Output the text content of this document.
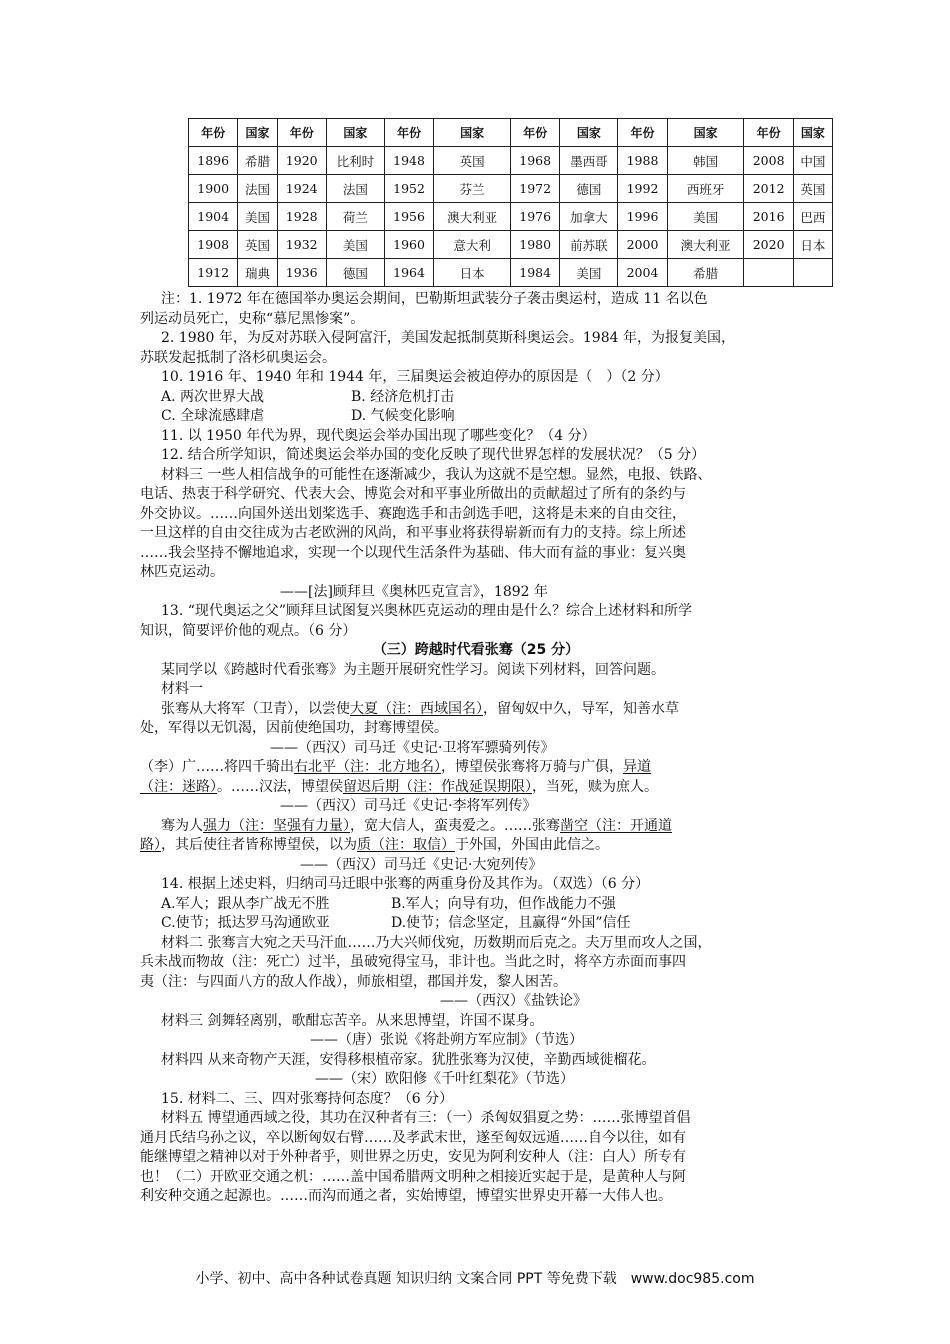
年份	国家	年份	国家	年份	国家	年份	国家	年份	国家	年份	国家
1896	希腊	1920	比利时	1948	英国	1968	墨西哥	1988	韩国	2008	中国
1900	法国	1924	法国	1952	芬兰	1972	德国	1992	西班牙	2012	英国
1904	美国	1928	荷兰	1956	澳大利亚	1976	加拿大	1996	美国	2016	巴西
1908	英国	1932	美国	1960	意大利	1980	前苏联	2000	澳大利亚	2020	日本
1912	瑞典	1936	德国	1964	日本	1984	美国	2004	希腊		
注：1. 1972 年在德国举办奥运会期间，巴勒斯坦武装分子袭击奥运村，造成 11 名以色
列运动员死亡，史称“慕尼黑惨案”。
2. 1980 年，为反对苏联入侵阿富汗，美国发起抵制莫斯科奥运会。1984 年，为报复美国，
苏联发起抵制了洛杉矶奥运会。
10. 1916 年、1940 年和 1944 年，三届奥运会被迫停办的原因是（　）（2 分）
A. 两次世界大战	B. 经济危机打击
C. 全球流感肆虐	D. 气候变化影响
11. 以 1950 年代为界，现代奥运会举办国出现了哪些变化？（4 分）
12. 结合所学知识，简述奥运会举办国的变化反映了现代世界怎样的发展状况？（5 分）
材料三 一些人相信战争的可能性在逐渐减少，我认为这就不是空想。显然，电报、铁路、
电话、热衷于科学研究、代表大会、博览会对和平事业所做出的贡献超过了所有的条约与
外交协议。……向国外送出划桨选手、赛跑选手和击剑选手吧，这将是未来的自由交往，
一旦这样的自由交往成为古老欧洲的风尚，和平事业将获得崭新而有力的支持。综上所述
……我会坚持不懈地追求，实现一个以现代生活条件为基础、伟大而有益的事业：复兴奥
林匹克运动。
——[法]顾拜旦《奥林匹克宣言》，1892 年
13. “现代奥运之父”顾拜旦试图复兴奥林匹克运动的理由是什么？综合上述材料和所学
知识，简要评价他的观点。（6 分）
（三）跨越时代看张骞（25 分）
某同学以《跨越时代看张骞》为主题开展研究性学习。阅读下列材料，回答问题。
材料一
张骞从大将军（卫青），以尝使大夏（注：西域国名），留匈奴中久，导军，知善水草
处，军得以无饥渴，因前使绝国功，封骞博望侯。
——（西汉）司马迁《史记·卫将军骠骑列传》
（李）广……将四千骑出右北平（注：北方地名），博望侯张骞将万骑与广俱，异道
（注：迷路）。……汉法，博望侯留迟后期（注：作战延误期限），当死，赎为庶人。
——（西汉）司马迁《史记·李将军列传》
骞为人强力（注：坚强有力量），宽大信人，蛮夷爱之。……张骞凿空（注：开通道
路），其后使往者皆称博望侯，以为质（注：取信）于外国，外国由此信之。
——（西汉）司马迁《史记·大宛列传》
14. 根据上述史料，归纳司马迁眼中张骞的两重身份及其作为。（双选）（6 分）
A.军人；跟从李广战无不胜	B.军人；向导有功，但作战能力不强
C.使节；抵达罗马沟通欧亚	D.使节；信念坚定，且赢得“外国”信任
材料二 张骞言大宛之天马汗血……乃大兴师伐宛，历数期而后克之。夫万里而攻人之国，
兵未战而物故（注：死亡）过半，虽破宛得宝马，非计也。当此之时，将卒方赤面而事四
夷（注：与四面八方的敌人作战），师旅相望，郡国并发，黎人困苦。
——（西汉）《盐铁论》
材料三 剑舞轻离别，歌酣忘苦辛。从来思博望，许国不谋身。
——（唐）张说《将赴朔方军应制》（节选）
材料四 从来奇物产天涯，安得移根植帝家。犹胜张骞为汉使，辛勤西域徙榴花。
——（宋）欧阳修《千叶红梨花》（节选）
15. 材料二、三、四对张骞持何态度？（6 分）
材料五 博望通西域之役，其功在汉种者有三：（一）杀匈奴猖夏之势：……张博望首倡
通月氏结乌孙之议，卒以断匈奴右臂……及孝武末世，遂至匈奴远遁……自今以往，如有
能继博望之精神以对于外种者乎，则世界之历史，安见为阿利安种人（注：白人）所专有
也！（二）开欧亚交通之机：……盖中国希腊两文明种之相接近实起于是，是黄种人与阿
利安种交通之起源也。……而沟而通之者，实始博望，博望实世界史开幕一大伟人也。
小学、初中、高中各种试卷真题 知识归纳 文案合同 PPT 等免费下载　www.doc985.com
